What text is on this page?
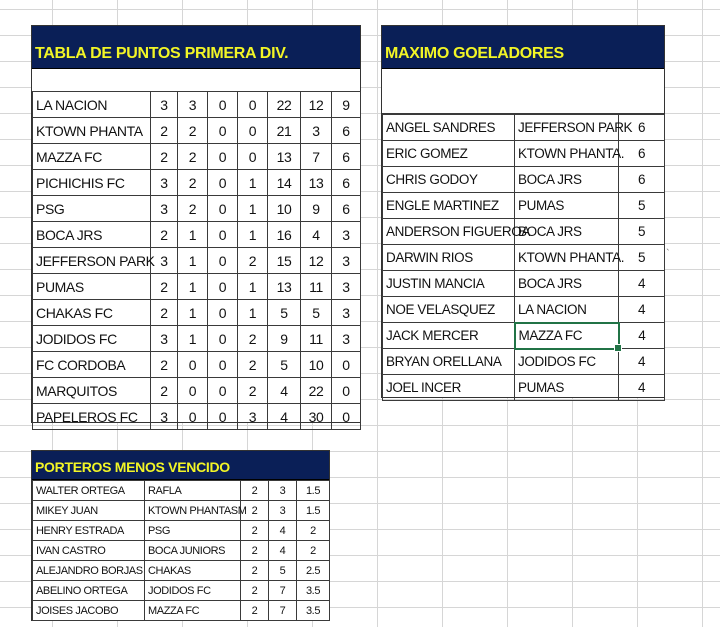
TABLA DE PUNTOS PRIMERA DIV.
LA NACION	3	3	0	0	22	12	9
KTOWN PHANTA	2	2	0	0	21	3	6
MAZZA FC	2	2	0	0	13	7	6
PICHICHIS FC	3	2	0	1	14	13	6
PSG	3	2	0	1	10	9	6
BOCA JRS	2	1	0	1	16	4	3
JEFFERSON PARK	3	1	0	2	15	12	3
PUMAS	2	1	0	1	13	11	3
CHAKAS FC	2	1	0	1	5	5	3
JODIDOS FC	3	1	0	2	9	11	3
FC CORDOBA	2	0	0	2	5	10	0
MARQUITOS	2	0	0	2	4	22	0
PAPELEROS FC	3	0	0	3	4	30	0
MAXIMO GOELADORES
ANGEL SANDRES	JEFFERSON PARK	6
ERIC GOMEZ	KTOWN PHANTA.	6
CHRIS GODOY	BOCA JRS	6
ENGLE MARTINEZ	PUMAS	5
ANDERSON FIGUEROA	BOCA JRS	5
DARWIN RIOS	KTOWN PHANTA.	5
JUSTIN MANCIA	BOCA JRS	4
NOE VELASQUEZ	LA NACION	4
JACK MERCER	MAZZA FC	4
BRYAN ORELLANA	JODIDOS FC	4
JOEL INCER	PUMAS	4
PORTEROS MENOS VENCIDO
WALTER ORTEGA	RAFLA	2	3	1.5
MIKEY JUAN	KTOWN PHANTASM	2	3	1.5
HENRY ESTRADA	PSG	2	4	2
IVAN CASTRO	BOCA JUNIORS	2	4	2
ALEJANDRO BORJAS	CHAKAS	2	5	2.5
ABELINO ORTEGA	JODIDOS FC	2	7	3.5
JOISES JACOBO	MAZZA FC	2	7	3.5
`
